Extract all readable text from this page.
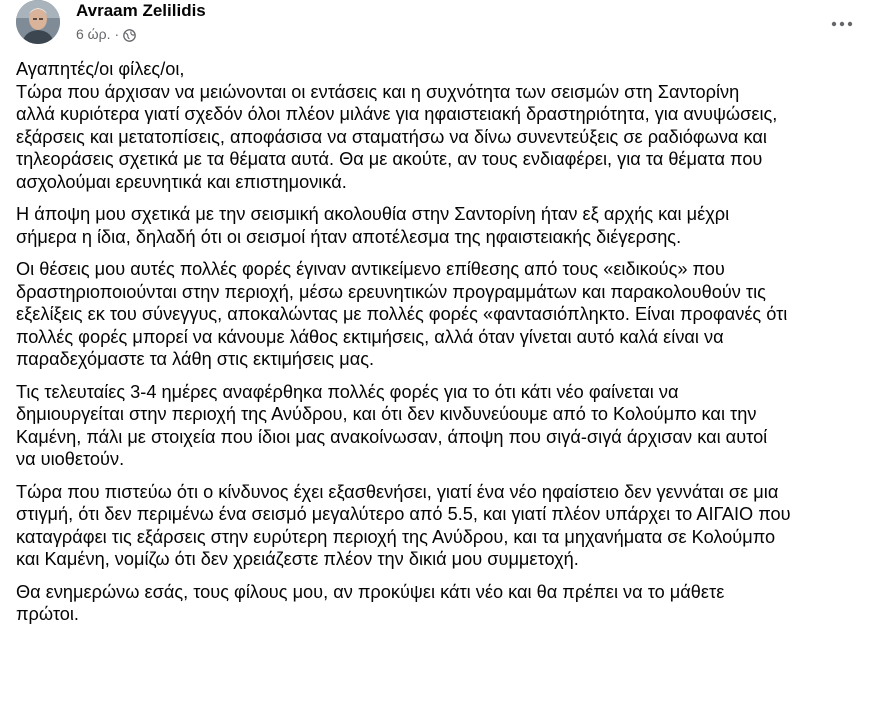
Avraam Zelilidis
6 ώρ. ·

Αγαπητές/οι φίλες/οι,
Τώρα που άρχισαν να μειώνονται οι εντάσεις και η συχνότητα των σεισμών στη Σαντορίνη
αλλά κυριότερα γιατί σχεδόν όλοι πλέον μιλάνε για ηφαιστειακή δραστηριότητα, για ανυψώσεις,
εξάρσεις και μετατοπίσεις, αποφάσισα να σταματήσω να δίνω συνεντεύξεις σε ραδιόφωνα και
τηλεοράσεις σχετικά με τα θέματα αυτά. Θα με ακούτε, αν τους ενδιαφέρει, για τα θέματα που
ασχολούμαι ερευνητικά και επιστημονικά.

Η άποψη μου σχετικά με την σεισμική ακολουθία στην Σαντορίνη ήταν εξ αρχής και μέχρι
σήμερα η ίδια, δηλαδή ότι οι σεισμοί ήταν αποτέλεσμα της ηφαιστειακής διέγερσης.

Οι θέσεις μου αυτές πολλές φορές έγιναν αντικείμενο επίθεσης από τους «ειδικούς» που
δραστηριοποιούνται στην περιοχή, μέσω ερευνητικών προγραμμάτων και παρακολουθούν τις
εξελίξεις εκ του σύνεγγυς, αποκαλώντας με πολλές φορές «φαντασιόπληκτο. Είναι προφανές ότι
πολλές φορές μπορεί να κάνουμε λάθος εκτιμήσεις, αλλά όταν γίνεται αυτό καλά είναι να
παραδεχόμαστε τα λάθη στις εκτιμήσεις μας.

Τις τελευταίες 3-4 ημέρες αναφέρθηκα πολλές φορές για το ότι κάτι νέο φαίνεται να
δημιουργείται στην περιοχή της Ανύδρου, και ότι δεν κινδυνεύουμε από το Κολούμπο και την
Καμένη, πάλι με στοιχεία που ίδιοι μας ανακοίνωσαν, άποψη που σιγά-σιγά άρχισαν και αυτοί
να υιοθετούν.

Τώρα που πιστεύω ότι ο κίνδυνος έχει εξασθενήσει, γιατί ένα νέο ηφαίστειο δεν γεννάται σε μια
στιγμή, ότι δεν περιμένω ένα σεισμό μεγαλύτερο από 5.5, και γιατί πλέον υπάρχει το ΑΙΓΑΙΟ που
καταγράφει τις εξάρσεις στην ευρύτερη περιοχή της Ανύδρου, και τα μηχανήματα σε Κολούμπο
και Καμένη, νομίζω ότι δεν χρειάζεστε πλέον την δικιά μου συμμετοχή.

Θα ενημερώνω εσάς, τους φίλους μου, αν προκύψει κάτι νέο και θα πρέπει να το μάθετε
πρώτοι.
